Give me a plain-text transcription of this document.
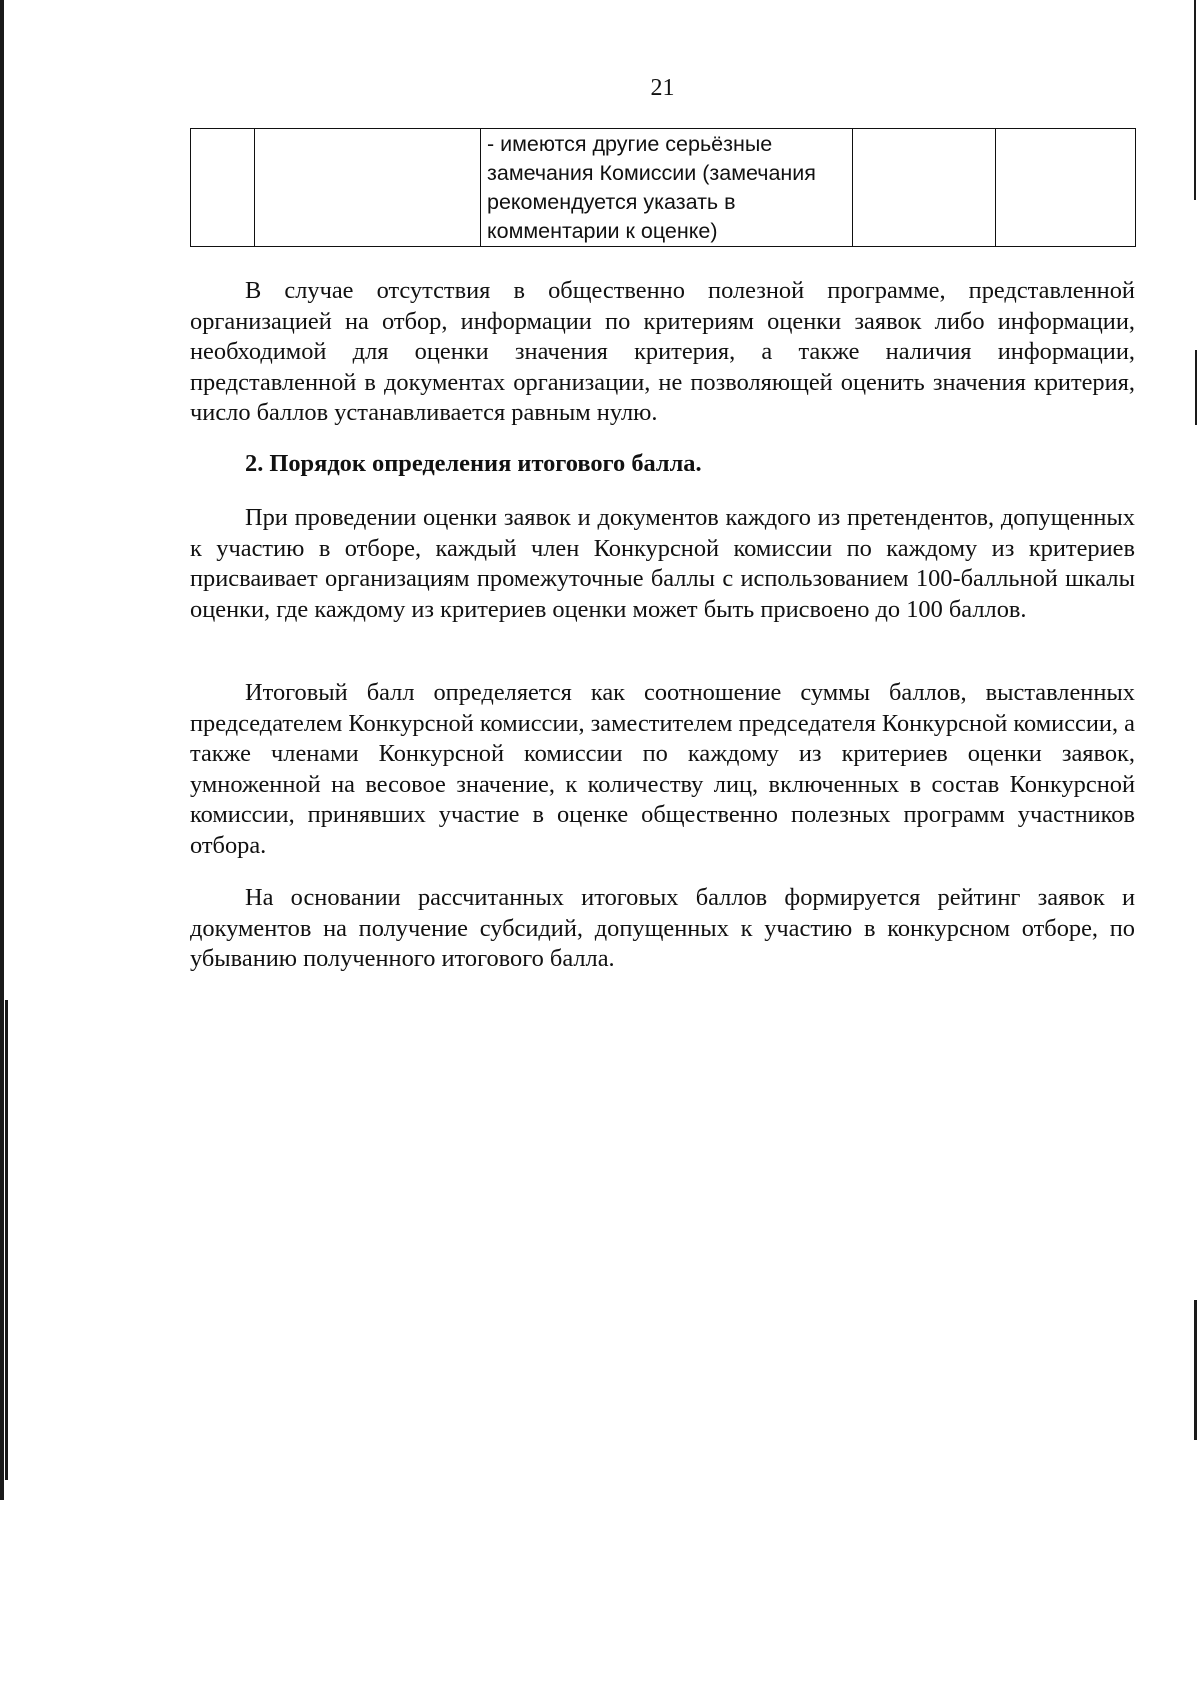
21
		- имеются другие серьёзные замечания Комиссии (замечания рекомендуется указать в комментарии к оценке)		

В случае отсутствия в общественно полезной программе, представленной организацией на отбор, информации по критериям оценки заявок либо информации, необходимой для оценки значения критерия, а также наличия информации, представленной в документах организации, не позволяющей оценить значения критерия, число баллов устанавливается равным нулю.

2. Порядок определения итогового балла.

При проведении оценки заявок и документов каждого из претендентов, допущенных к участию в отборе, каждый член Конкурсной комиссии по каждому из критериев присваивает организациям промежуточные баллы с использованием 100-балльной шкалы оценки, где каждому из критериев оценки может быть присвоено до 100 баллов.

Итоговый балл определяется как соотношение суммы баллов, выставленных председателем Конкурсной комиссии, заместителем председателя Конкурсной комиссии, а также членами Конкурсной комиссии по каждому из критериев оценки заявок, умноженной на весовое значение, к количеству лиц, включенных в состав Конкурсной комиссии, принявших участие в оценке общественно полезных программ участников отбора.

На основании рассчитанных итоговых баллов формируется рейтинг заявок и документов на получение субсидий, допущенных к участию в конкурсном отборе, по убыванию полученного итогового балла.
